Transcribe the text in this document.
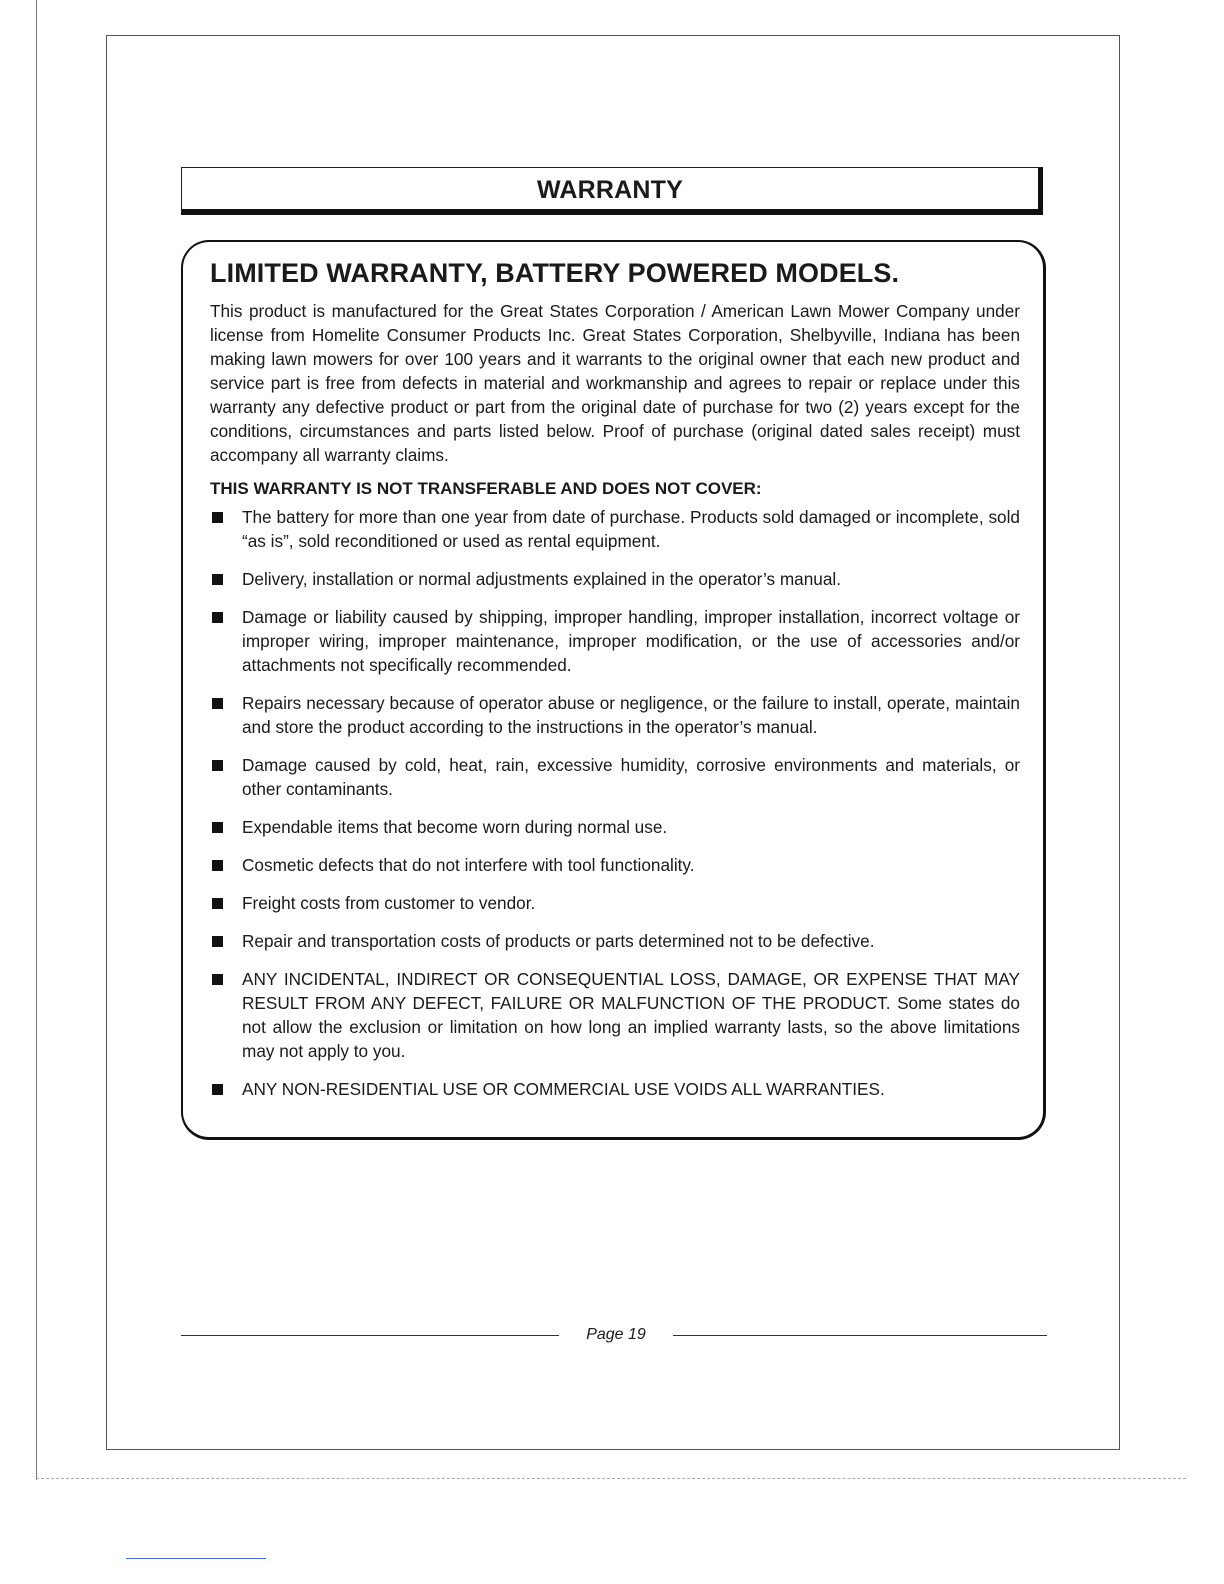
WARRANTY
LIMITED WARRANTY, BATTERY POWERED MODELS.

This product is manufactured for the Great States Corporation / American Lawn Mower Company under license from Homelite Consumer Products Inc. Great States Corporation, Shelbyville, Indiana has been making lawn mowers for over 100 years and it warrants to the original owner that each new product and service part is free from defects in material and workmanship and agrees to repair or replace under this warranty any defective product or part from the original date of purchase for two (2) years except for the conditions, circumstances and parts listed below. Proof of purchase (original dated sales receipt) must accompany all warranty claims.

THIS WARRANTY IS NOT TRANSFERABLE AND DOES NOT COVER:
The battery for more than one year from date of purchase. Products sold damaged or incomplete, sold “as is”, sold reconditioned or used as rental equipment.
Delivery, installation or normal adjustments explained in the operator’s manual.
Damage or liability caused by shipping, improper handling, improper installation, incorrect voltage or improper wiring, improper maintenance, improper modification, or the use of accessories and/or attachments not specifically recommended.
Repairs necessary because of operator abuse or negligence, or the failure to install, operate, maintain and store the product according to the instructions in the operator’s manual.
Damage caused by cold, heat, rain, excessive humidity, corrosive environments and materials, or other contaminants.
Expendable items that become worn during normal use.
Cosmetic defects that do not interfere with tool functionality.
Freight costs from customer to vendor.
Repair and transportation costs of products or parts determined not to be defective.
ANY INCIDENTAL, INDIRECT OR CONSEQUENTIAL LOSS, DAMAGE, OR EXPENSE THAT MAY RESULT FROM ANY DEFECT, FAILURE OR MALFUNCTION OF THE PRODUCT. Some states do not allow the exclusion or limitation on how long an implied warranty lasts, so the above limitations may not apply to you.
ANY NON-RESIDENTIAL USE OR COMMERCIAL USE VOIDS ALL WARRANTIES.
Page 19
